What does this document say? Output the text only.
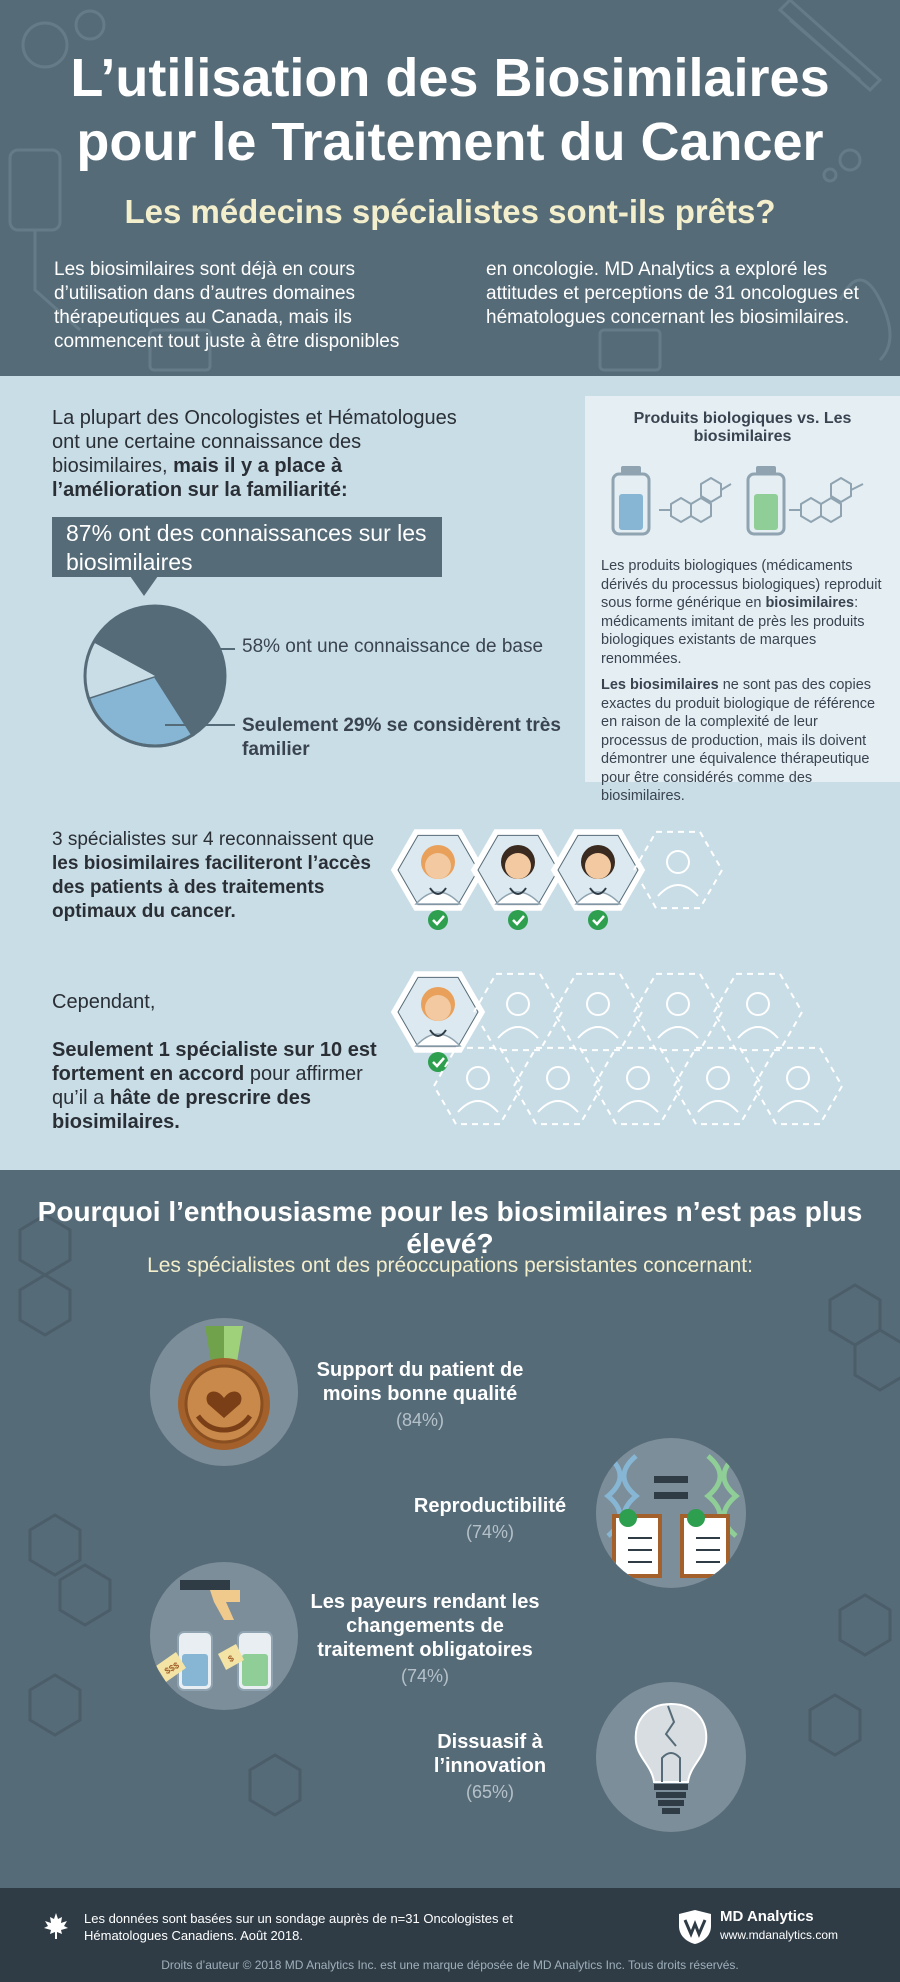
L’utilisation des Biosimilaires
pour le Traitement du Cancer
Les médecins spécialistes sont-ils prêts?

Les biosimilaires sont déjà en cours d’utilisation dans d’autres domaines thérapeutiques au Canada, mais ils commencent tout juste à être disponibles

en oncologie. MD Analytics a exploré les attitudes et perceptions de 31 oncologues et hématologues concernant les biosimilaires.

La plupart des Oncologistes et Hématologues ont une certaine connaissance des biosimilaires, mais il y a place à l’amélioration sur la familiarité:

87% ont des connaissances sur les biosimilaires
58% ont une connaissance de base
Seulement 29% se considèrent très familier
Produits biologiques vs. Les biosimilaires

Les produits biologiques (médicaments dérivés du processus biologiques) reproduit sous forme générique en biosimilaires: médicaments imitant de près les produits biologiques existants de marques renommées.

Les biosimilaires ne sont pas des copies exactes du produit biologique de référence en raison de la complexité de leur processus de production, mais ils doivent démontrer une équivalence thérapeutique pour être considérés comme des biosimilaires.

3 spécialistes sur 4 reconnaissent que les biosimilaires faciliteront l’accès des patients à des traitements optimaux du cancer.

Cependant,

Seulement 1 spécialiste sur 10 est fortement en accord pour affirmer qu’il a hâte de prescrire des biosimilaires.

Pourquoi l’enthousiasme pour les biosimilaires n’est pas plus élevé?
Les spécialistes ont des préoccupations persistantes concernant:
Support du patient de moins bonne qualité
(84%)
Reproductibilité
(74%)
$$$
$
Les payeurs rendant les changements de traitement obligatoires
(74%)
Dissuasif à l’innovation
(65%)

Les données sont basées sur un sondage auprès de n=31 Oncologistes et Hématologues Canadiens. Août 2018.

MD Analytics
www.mdanalytics.com
Droits d’auteur © 2018 MD Analytics Inc. est une marque déposée de MD Analytics Inc. Tous droits réservés.
